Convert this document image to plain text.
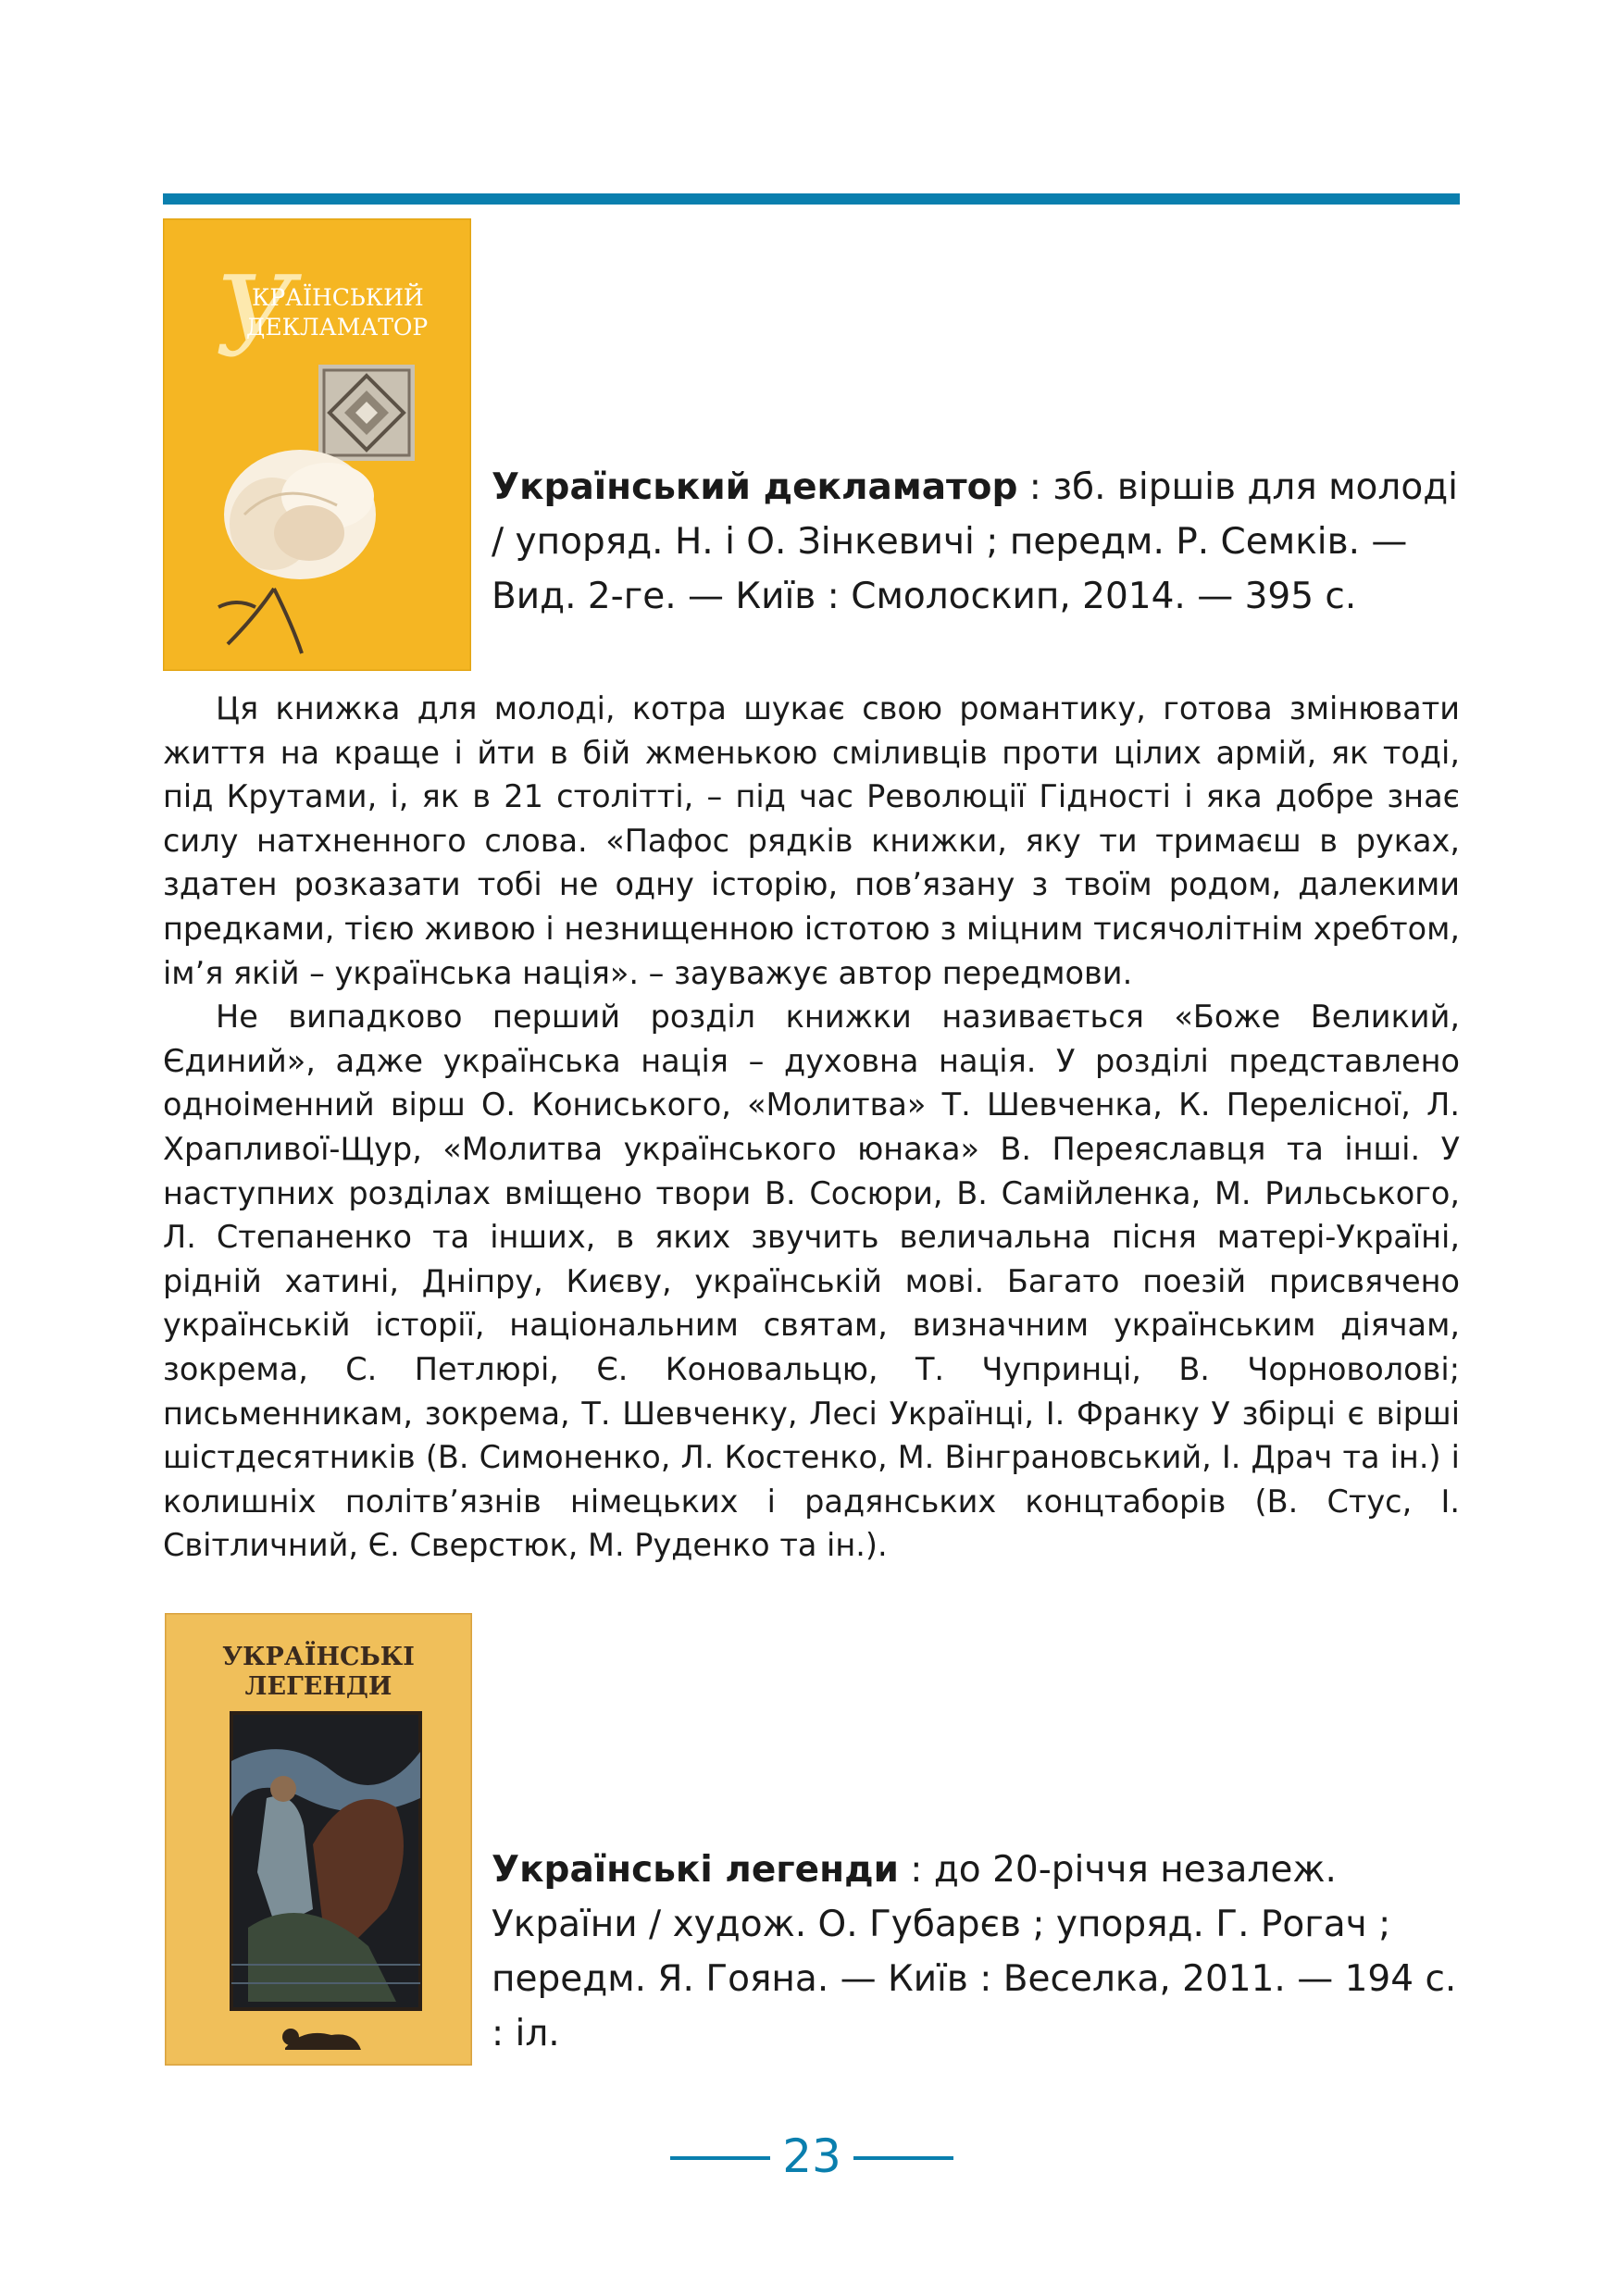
У
КРАЇНСЬКИЙ
ДЕКЛАМАТОР
Український декламатор : зб. віршів для молоді / упоряд. Н. і О. Зінкевичі ; передм. Р. Семків. — Вид. 2-ге. — Київ : Смолоскип, 2014. — 395 с.

Ця книжка для молоді, котра шукає свою романтику, готова змінювати життя на краще і йти в бій жменькою сміливців проти цілих армій, як тоді, під Крутами, і, як в 21 столітті, – під час Революції Гідності і яка добре знає силу натхненного слова. «Пафос рядків книжки, яку ти тримаєш в руках, здатен розказати тобі не одну історію, пов’язану з твоїм родом, далекими предками, тією живою і незнищенною істотою з міцним тисячолітнім хребтом, ім’я якій – українська нація». – зауважує автор передмови.

Не випадково перший розділ книжки називається «Боже Великий, Єдиний», адже українська нація – духовна нація. У розділі представлено одноіменний вірш О. Кониського, «Молитва» Т. Шевченка, К. Перелісної, Л. Храпливої-Щур, «Молитва українського юнака» В. Переяславця та інші. У наступних розділах вміщено твори В. Сосюри, В. Самійленка, М. Рильського, Л. Степаненко та інших, в яких звучить величальна пісня матері-Україні, рідній хатині, Дніпру, Києву, українській мові. Багато поезій присвячено українській історії, національним святам, визначним українським діячам, зокрема, С. Петлюрі, Є. Коновальцю, Т. Чупринці, В. Чорноволові; письменникам, зокрема, Т. Шевченку, Лесі Українці, І. Франку У збірці є вірші шістдесятників (В. Симоненко, Л. Костенко, М. Вінграновський, І. Драч та ін.) і колишніх політв’язнів німецьких і радянських концтаборів (В. Стус, І. Світличний, Є. Сверстюк, М. Руденко та ін.).

УКРАЇНСЬКІ
ЛЕГЕНДИ
Українські легенди : до 20-річчя незалеж. України / худож. О. Губарєв ; упоряд. Г. Рогач ; передм. Я. Гояна. — Київ : Веселка, 2011. — 194 с. : іл.
23
